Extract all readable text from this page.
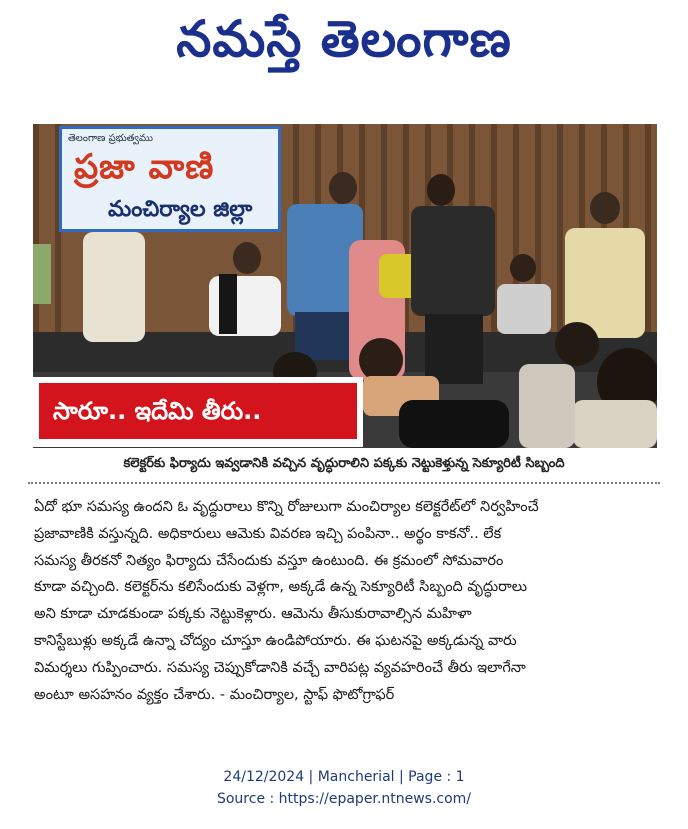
నమస్తే తెలంగాణ
తెలంగాణ ప్రభుత్వము
ప్రజా వాణి
మంచిర్యాల జిల్లా
సారూ.. ఇదేమి తీరు..
కలెక్టర్‌కు ఫిర్యాదు ఇవ్వడానికి వచ్చిన వృద్ధురాలిని పక్కకు నెట్టుకెళ్తున్న సెక్యూరిటీ సిబ్బంది
ఏదో భూ సమస్య ఉందని ఓ వృద్ధురాలు కొన్ని రోజులుగా మంచిర్యాల కలెక్టరేట్‌లో నిర్వహించే
ప్రజావాణికి వస్తున్నది. అధికారులు ఆమెకు వివరణ ఇచ్చి పంపినా.. అర్థం కాకనో.. లేక
సమస్య తీరకనో నిత్యం ఫిర్యాదు చేసేందుకు వస్తూ ఉంటుంది. ఈ క్రమంలో సోమవారం
కూడా వచ్చింది. కలెక్టర్‌ను కలిసేందుకు వెళ్లగా, అక్కడే ఉన్న సెక్యూరిటీ సిబ్బంది వృద్ధురాలు
అని కూడా చూడకుండా పక్కకు నెట్టుకెళ్లారు. ఆమెను తీసుకురావాల్సిన మహిళా
కానిస్టేబుళ్లు అక్కడే ఉన్నా చోద్యం చూస్తూ ఉండిపోయారు. ఈ ఘటనపై అక్కడున్న వారు
విమర్శలు గుప్పించారు. సమస్య చెప్పుకోడానికి వచ్చే వారిపట్ల వ్యవహరించే తీరు ఇలాగేనా
అంటూ అసహనం వ్యక్తం చేశారు. - మంచిర్యాల, స్టాఫ్ ఫొటోగ్రాఫర్
24/12/2024 | Mancherial | Page : 1
Source : https://epaper.ntnews.com/
